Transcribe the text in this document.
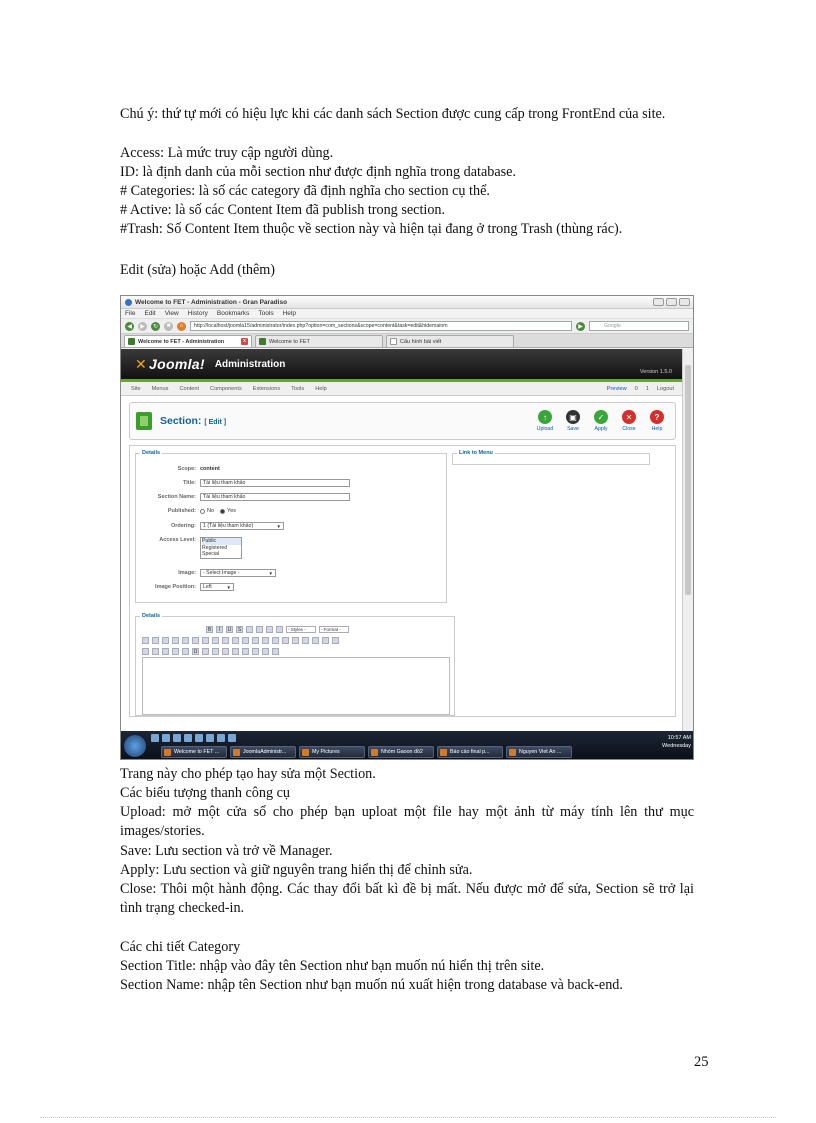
Chú ý: thứ tự mới có hiệu lực khi các danh sách Section được cung cấp trong FrontEnd của site.
Access: Là mức truy cập người dùng.
ID: là định danh của mỗi section như được định nghĩa trong database.
# Categories: là số các category đã định nghĩa cho section cụ thể.
# Active: là số các Content Item đã publish trong section.
#Trash: Số Content Item thuộc về section này và hiện tại đang ở trong Trash (thùng rác).
Edit (sửa) hoặc Add (thêm)
Welcome to FET - Administration - Gran Paradiso
File Edit View History Bookmarks Tools Help
◀	▶	↻	■	⌂	http://localhost/joomla15/administrator/index.php?option=com_sections&scope=content&task=edit&hidemainm	▶	Google
Welcome to FET - Administration	x	Welcome to FET	Cấu hình bài viết
✕ Joomla! Administration
Version 1.5.0
Site Menus Content Components Extensions Tools Help	Preview 0 1 Logout
Section: [ Edit ]
↑
Upload
▣
Save
✓
Apply
✕
Close
?
Help
Details	Link to Menu
Scope: content
Title:	Tài liệu tham khảo
Section Name:	Tài liệu tham khảo
Published:	No Yes
Ordering:	1 (Tài liệu tham khảo)	▼
Access Level:	Public
Registered
Special
Image:	- Select Image -	▼
Image Position:	Left	▼
Details
B	I	U	S	- Styles -	- Format -
Ω
Welcome to FET ...	JoomlaAdministr...	My Pictures	Nhóm Gaoon đồ2	Báo cáo final p...	Nguyen Viet An ...
10:57 AM
Wednesday
Trang này cho phép tạo hay sửa một Section.
Các biểu tượng thanh công cụ
Upload: mở một cửa sổ cho phép bạn uploat một file hay một ảnh từ máy tính lên thư mục images/stories.
Save: Lưu section và trở về Manager.
Apply: Lưu section và giữ nguyên trang hiển thị để chỉnh sửa.
Close: Thôi một hành động. Các thay đổi bất kì đề bị mất. Nếu được mở để sửa, Section sẽ trở lại tình trạng checked-in.
Các chi tiết Category
Section Title: nhập vào đây tên Section như bạn muốn nú hiển thị trên site.
Section Name: nhập tên Section như bạn muốn nú xuất hiện trong database và back-end.
25
